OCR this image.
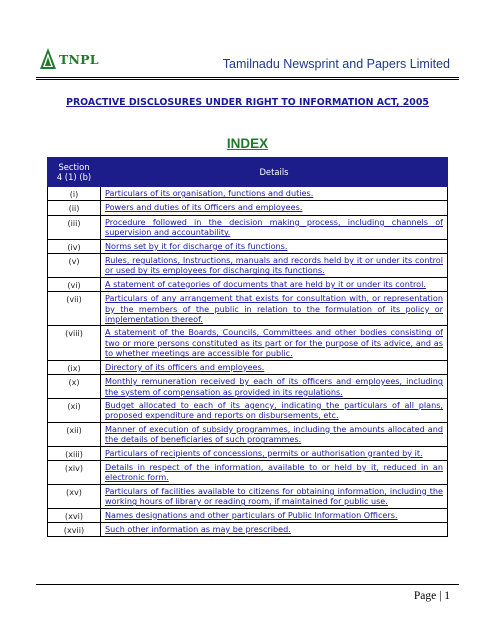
TNPL	Tamilnadu Newsprint and Papers Limited
PROACTIVE DISCLOSURES UNDER RIGHT TO INFORMATION ACT, 2005
INDEX
Section
4 (1) (b)	Details
(i)	Particulars of its organisation, functions and duties.
(ii)	Powers and duties of its Officers and employees.
(iii)	Procedure followed in the decision making process, including channels of supervision and accountability.
(iv)	Norms set by it for discharge of its functions.
(v)	Rules, regulations, Instructions, manuals and records held by it or under its control or used by its employees for discharging its functions.
(vi)	A statement of categories of documents that are held by it or under its control.
(vii)	Particulars of any arrangement that exists for consultation with, or representation by the members of the public in relation to the formulation of its policy or implementation thereof.
(viii)	A statement of the Boards, Councils, Committees and other bodies consisting of two or more persons constituted as its part or for the purpose of its advice, and as to whether meetings are accessible for public.
(ix)	Directory of its officers and employees.
(x)	Monthly remuneration received by each of its officers and employees, including the system of compensation as provided in its regulations.
(xi)	Budget allocated to each of its agency, indicating the particulars of all plans, proposed expenditure and reports on disbursements, etc.
(xii)	Manner of execution of subsidy programmes, including the amounts allocated and the details of beneficiaries of such programmes.
(xiii)	Particulars of recipients of concessions, permits or authorisation granted by it.
(xiv)	Details in respect of the information, available to or held by it, reduced in an electronic form.
(xv)	Particulars of facilities available to citizens for obtaining information, including the working hours of library or reading room, if maintained for public use.
(xvi)	Names designations and other particulars of Public Information Officers.
(xvii)	Such other information as may be prescribed.
Page | 1
